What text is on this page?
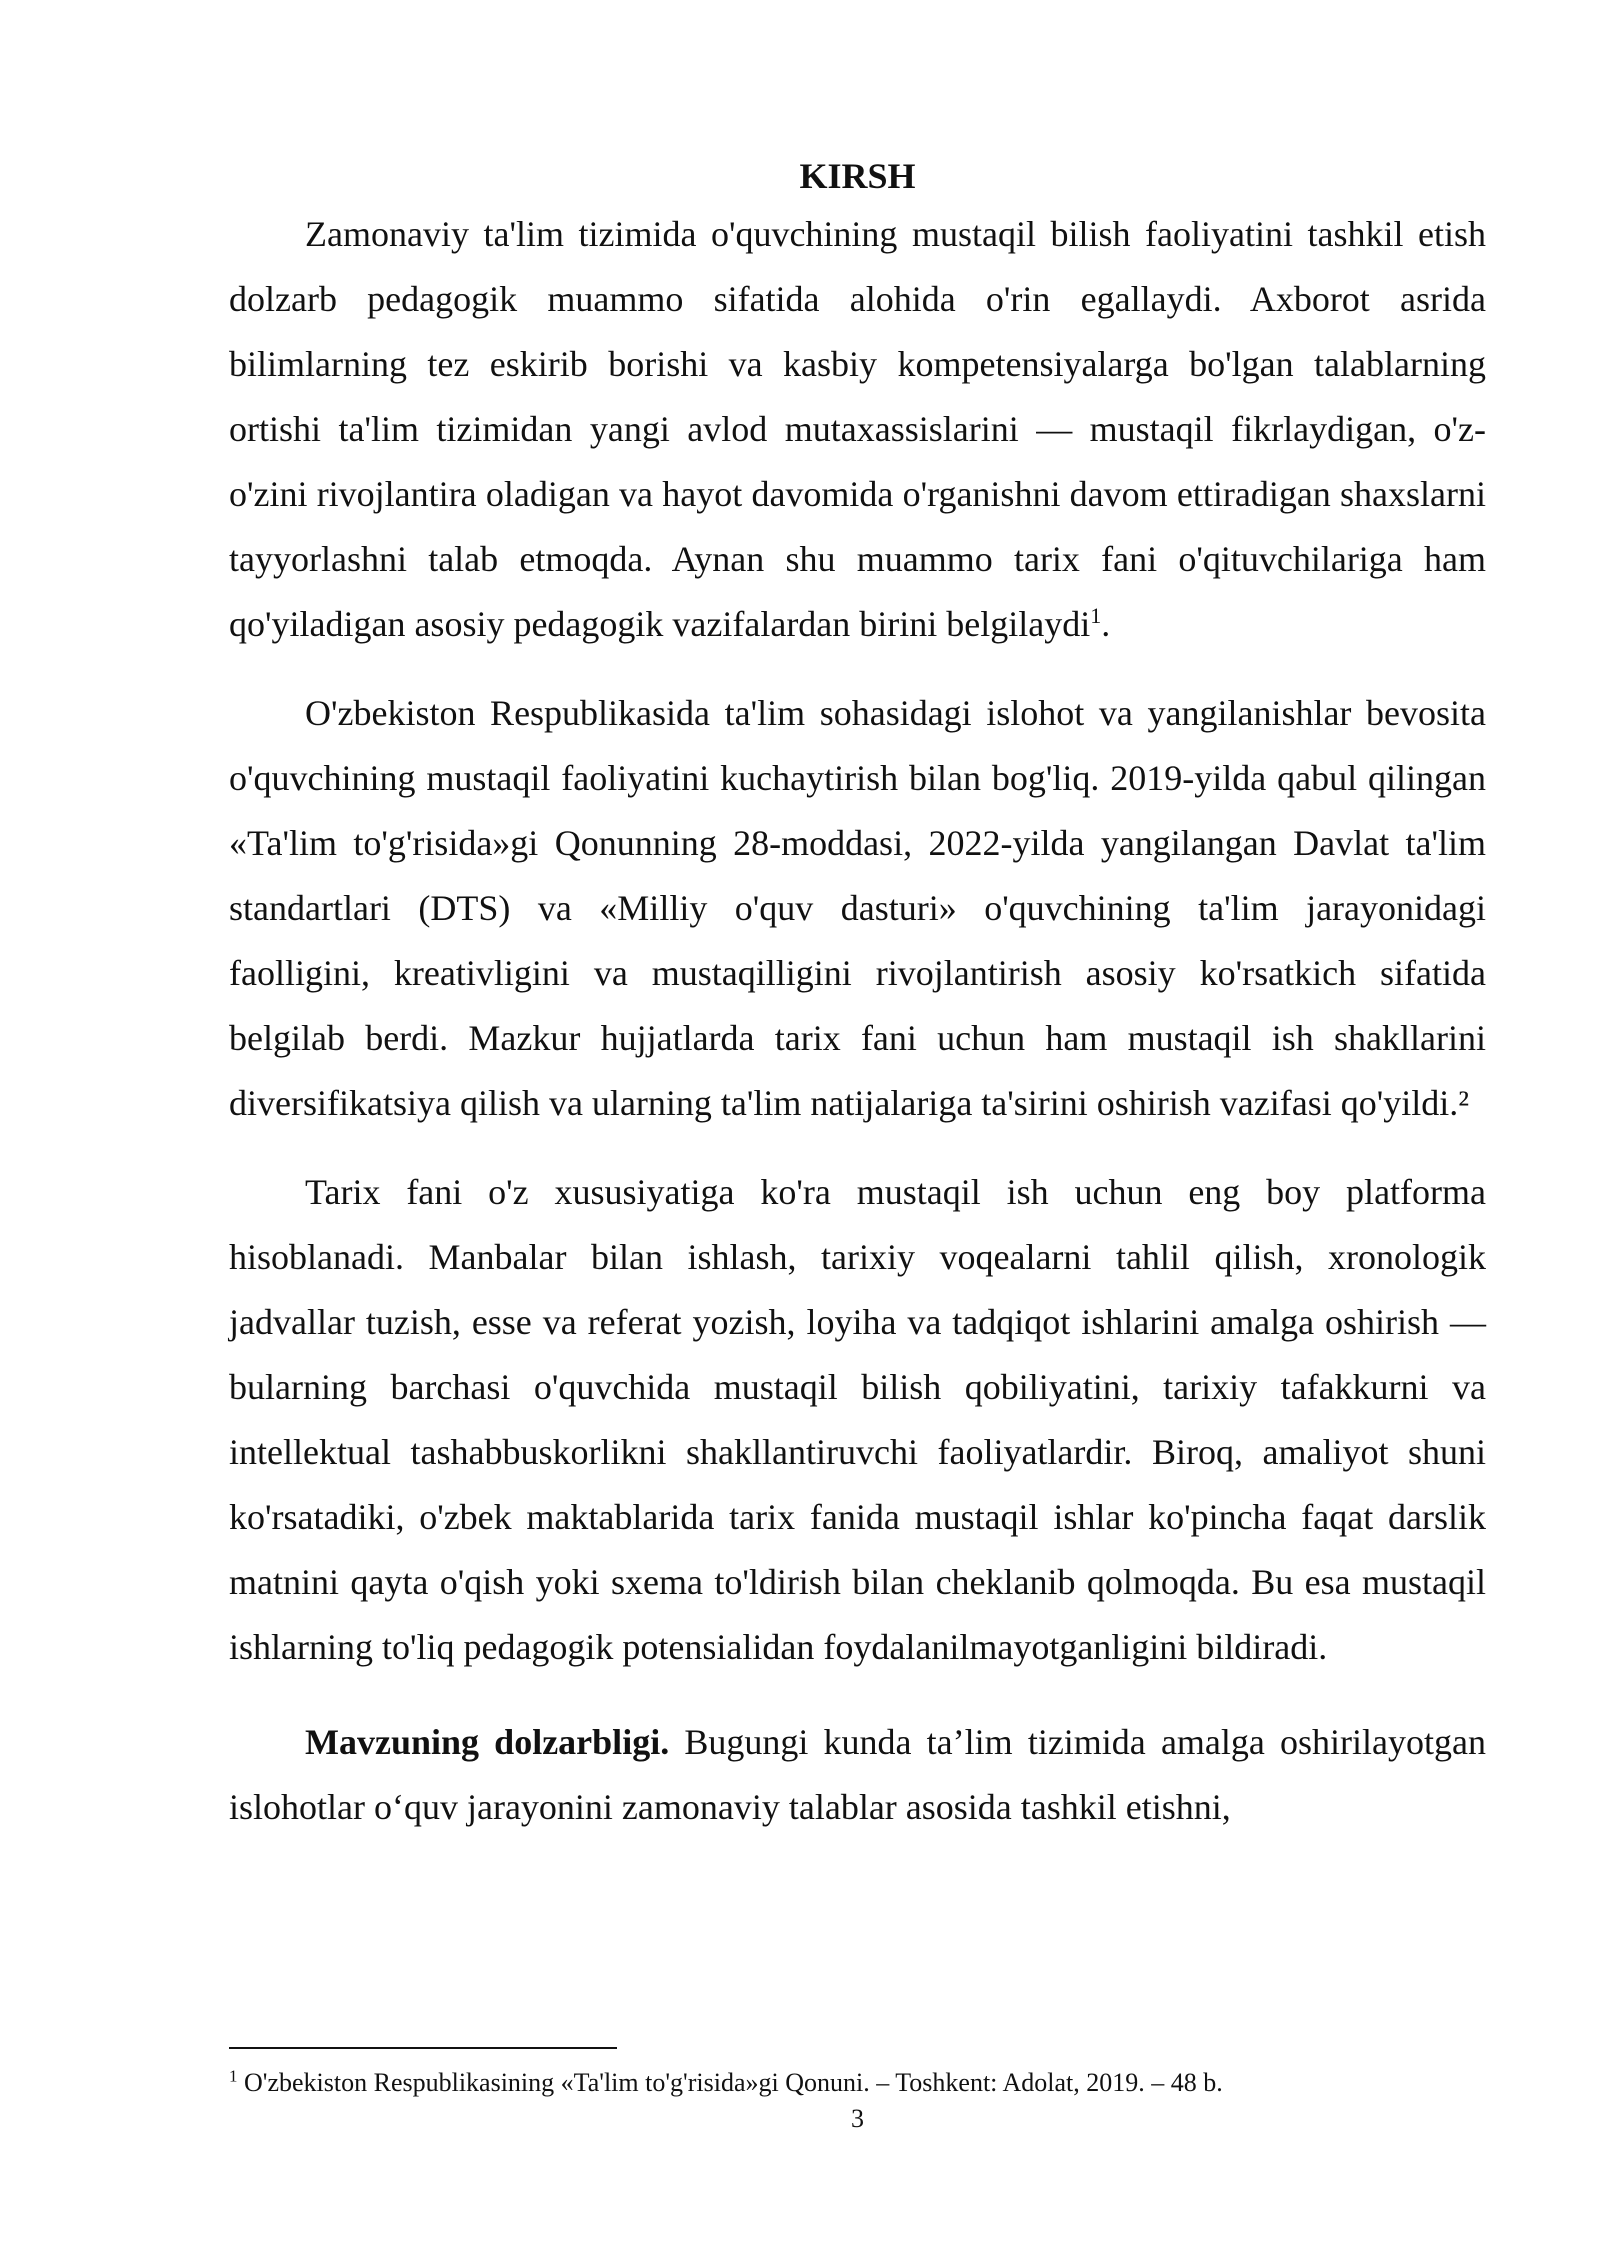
KIRSH

Zamonaviy ta'lim tizimida o'quvchining mustaqil bilish faoliyatini tashkil etish dolzarb pedagogik muammo sifatida alohida o'rin egallaydi. Axborot asrida bilimlarning tez eskirib borishi va kasbiy kompetensiyalarga bo'lgan talablarning ortishi ta'lim tizimidan yangi avlod mutaxassislarini — mustaqil fikrlaydigan, o'z-o'zini rivojlantira oladigan va hayot davomida o'rganishni davom ettiradigan shaxslarni tayyorlashni talab etmoqda. Aynan shu muammo tarix fani o'qituvchilariga ham qo'yiladigan asosiy pedagogik vazifalardan birini belgilaydi$^1$.

O'zbekiston Respublikasida ta'lim sohasidagi islohot va yangilanishlar bevosita o'quvchining mustaqil faoliyatini kuchaytirish bilan bog'liq. 2019-yilda qabul qilingan «Ta'lim to'g'risida»gi Qonunning 28-moddasi, 2022-yilda yangilangan Davlat ta'lim standartlari (DTS) va «Milliy o'quv dasturi» o'quvchining ta'lim jarayonidagi faolligini, kreativligini va mustaqilligini rivojlantirish asosiy ko'rsatkich sifatida belgilab berdi. Mazkur hujjatlarda tarix fani uchun ham mustaqil ish shakllarini diversifikatsiya qilish va ularning ta'lim natijalariga ta'sirini oshirish vazifasi qo'yildi.²

Tarix fani o'z xususiyatiga ko'ra mustaqil ish uchun eng boy platforma hisoblanadi. Manbalar bilan ishlash, tarixiy voqealarni tahlil qilish, xronologik jadvallar tuzish, esse va referat yozish, loyiha va tadqiqot ishlarini amalga oshirish — bularning barchasi o'quvchida mustaqil bilish qobiliyatini, tarixiy tafakkurni va intellektual tashabbuskorlikni shakllantiruvchi faoliyatlardir. Biroq, amaliyot shuni ko'rsatadiki, o'zbek maktablarida tarix fanida mustaqil ishlar ko'pincha faqat darslik matnini qayta o'qish yoki sxema to'ldirish bilan cheklanib qolmoqda. Bu esa mustaqil ishlarning to'liq pedagogik potensialidan foydalanilmayotganligini bildiradi.

Mavzuning dolzarbligi. Bugungi kunda ta’lim tizimida amalga oshirilayotgan islohotlar o‘quv jarayonini zamonaviy talablar asosida tashkil etishni,

$^1$ O'zbekiston Respublikasining «Ta'lim to'g'risida»gi Qonuni. – Toshkent: Adolat, 2019. – 48 b.

3
